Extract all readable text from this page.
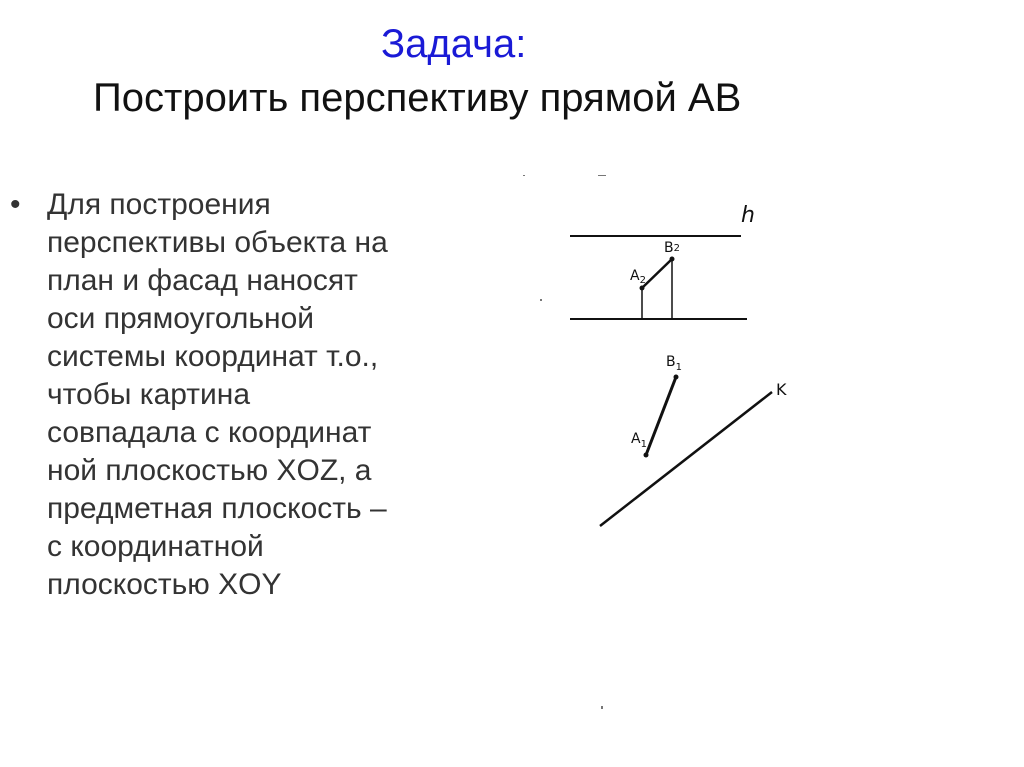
Задача:
Построить перспективу прямой АВ
• Для построения
перспективы объекта на
план и фасад наносят
оси прямоугольной
системы координат т.о.,
чтобы картина
совпадала с координат
ной плоскостью XOZ, а
предметная плоскость –
с координатной
плоскостью XOY
h
$A_2$
B2
$A_1$
$B_1$
K
